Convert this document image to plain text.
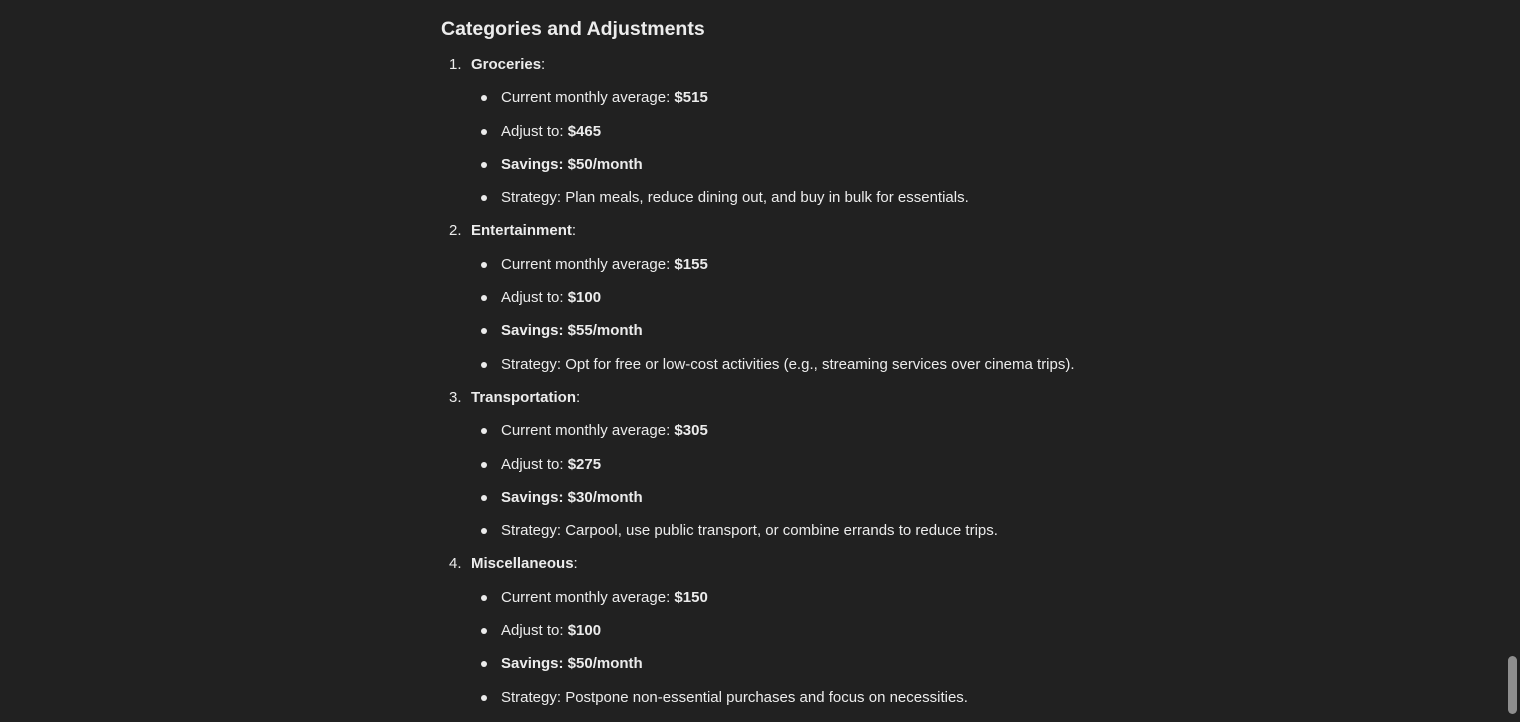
Categories and Adjustments
1. Groceries:
Current monthly average: $515
Adjust to: $465
Savings: $50/month
Strategy: Plan meals, reduce dining out, and buy in bulk for essentials.
2. Entertainment:
Current monthly average: $155
Adjust to: $100
Savings: $55/month
Strategy: Opt for free or low-cost activities (e.g., streaming services over cinema trips).
3. Transportation:
Current monthly average: $305
Adjust to: $275
Savings: $30/month
Strategy: Carpool, use public transport, or combine errands to reduce trips.
4. Miscellaneous:
Current monthly average: $150
Adjust to: $100
Savings: $50/month
Strategy: Postpone non-essential purchases and focus on necessities.
